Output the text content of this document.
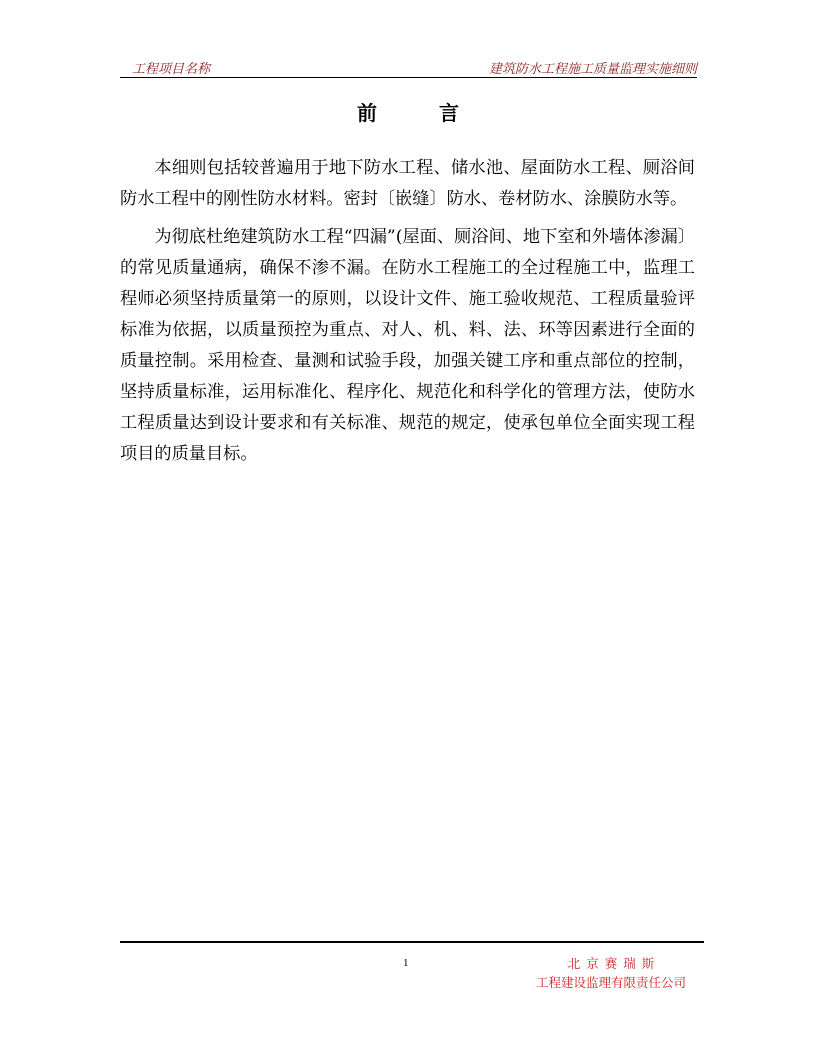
工程项目名称	建筑防水工程施工质量监理实施细则
前	言

本细则包括较普遍用于地下防水工程、储水池、屋面防水工程、厕浴间防水工程中的刚性防水材料。密封〔嵌缝〕防水、卷材防水、涂膜防水等。

为彻底杜绝建筑防水工程“四漏”(屋面、厕浴间、地下室和外墙体渗漏〕的常见质量通病，确保不渗不漏。在防水工程施工的全过程施工中，监理工程师必须坚持质量第一的原则，以设计文件、施工验收规范、工程质量验评标准为依据，以质量预控为重点、对人、机、料、法、环等因素进行全面的质量控制。采用检查、量测和试验手段，加强关键工序和重点部位的控制，坚持质量标准，运用标准化、程序化、规范化和科学化的管理方法，使防水工程质量达到设计要求和有关标准、规范的规定，使承包单位全面实现工程项目的质量目标。

1	北京赛瑞斯
工程建设监理有限责任公司
